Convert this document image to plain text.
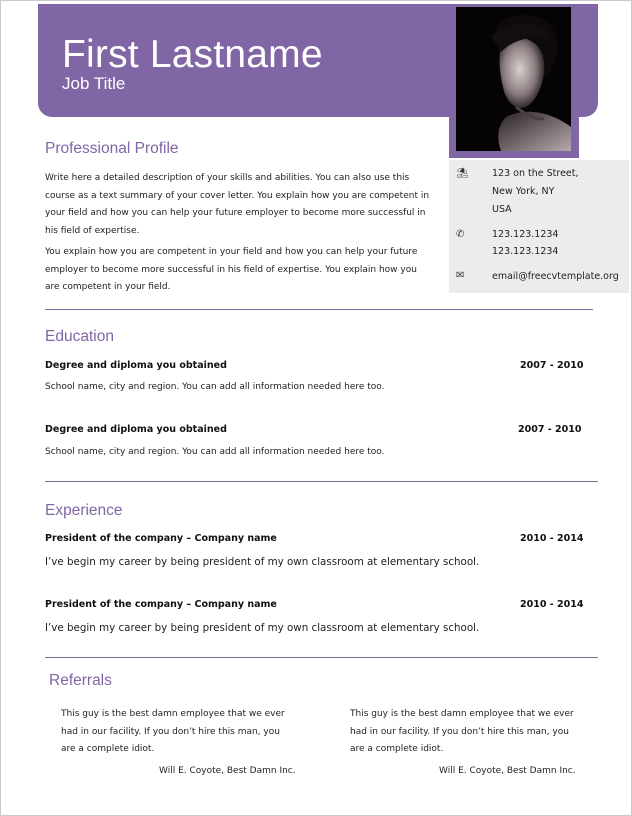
First Lastname
Job Title
⛱ 123 on the Street,
New York, NY
USA
✆	123.123.1234
123.123.1234
✉	email@freecvtemplate.org
Professional Profile
Write here a detailed description of your skills and abilities. You can also use this
course as a text summary of your cover letter. You explain how you are competent in
your field and how you can help your future employer to become more successful in
his field of expertise.
You explain how you are competent in your field and how you can help your future
employer to become more successful in his field of expertise. You explain how you
are competent in your field.
Education
Degree and diploma you obtained	2007 - 2010
School name, city and region. You can add all information needed here too.
Degree and diploma you obtained	2007 - 2010
School name, city and region. You can add all information needed here too.
Experience
President of the company – Company name	2010 - 2014
I’ve begin my career by being president of my own classroom at elementary school.
President of the company – Company name	2010 - 2014
I’ve begin my career by being president of my own classroom at elementary school.
Referrals
This guy is the best damn employee that we ever
had in our facility. If you don’t hire this man, you
are a complete idiot.
Will E. Coyote, Best Damn Inc.
This guy is the best damn employee that we ever
had in our facility. If you don’t hire this man, you
are a complete idiot.
Will E. Coyote, Best Damn Inc.
